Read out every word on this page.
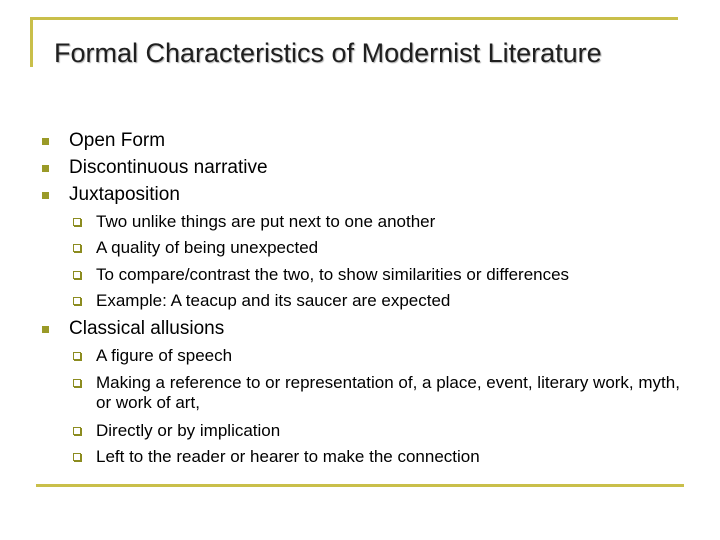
Formal Characteristics of Modernist Literature
Open Form
Discontinuous narrative
Juxtaposition
Two unlike things are put next to one another
A quality of being unexpected
To compare/contrast the two, to show similarities or differences
Example: A teacup and its saucer are expected
Classical allusions
A figure of speech
Making a reference to or representation of, a place, event, literary work, myth, or work of art,
Directly or by implication
Left to the reader or hearer to make the connection
